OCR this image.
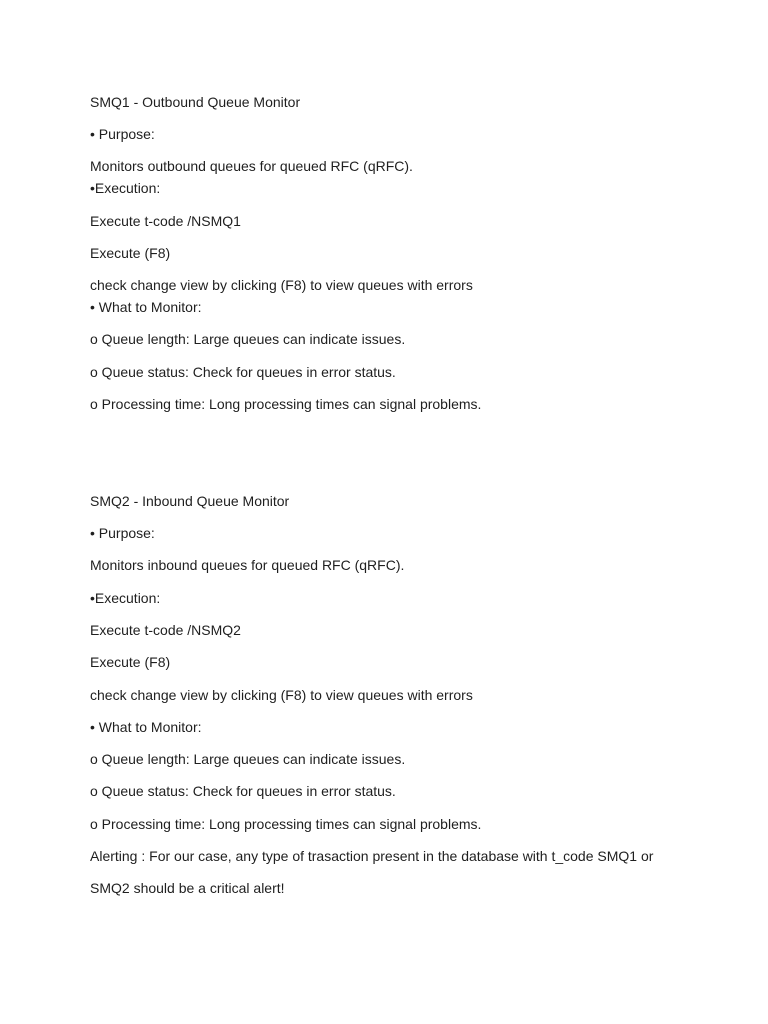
SMQ1 - Outbound Queue Monitor
• Purpose:
Monitors outbound queues for queued RFC (qRFC).
•Execution:
Execute t-code /NSMQ1
Execute (F8)
check change view by clicking (F8) to view queues with errors
• What to Monitor:
o Queue length: Large queues can indicate issues.
o Queue status: Check for queues in error status.
o Processing time: Long processing times can signal problems.
SMQ2 - Inbound Queue Monitor
• Purpose:
Monitors inbound queues for queued RFC (qRFC).
•Execution:
Execute t-code /NSMQ2
Execute (F8)
check change view by clicking (F8) to view queues with errors
• What to Monitor:
o Queue length: Large queues can indicate issues.
o Queue status: Check for queues in error status.
o Processing time: Long processing times can signal problems.
Alerting : For our case, any type of trasaction present in the database with t_code SMQ1 or
SMQ2 should be a critical alert!
